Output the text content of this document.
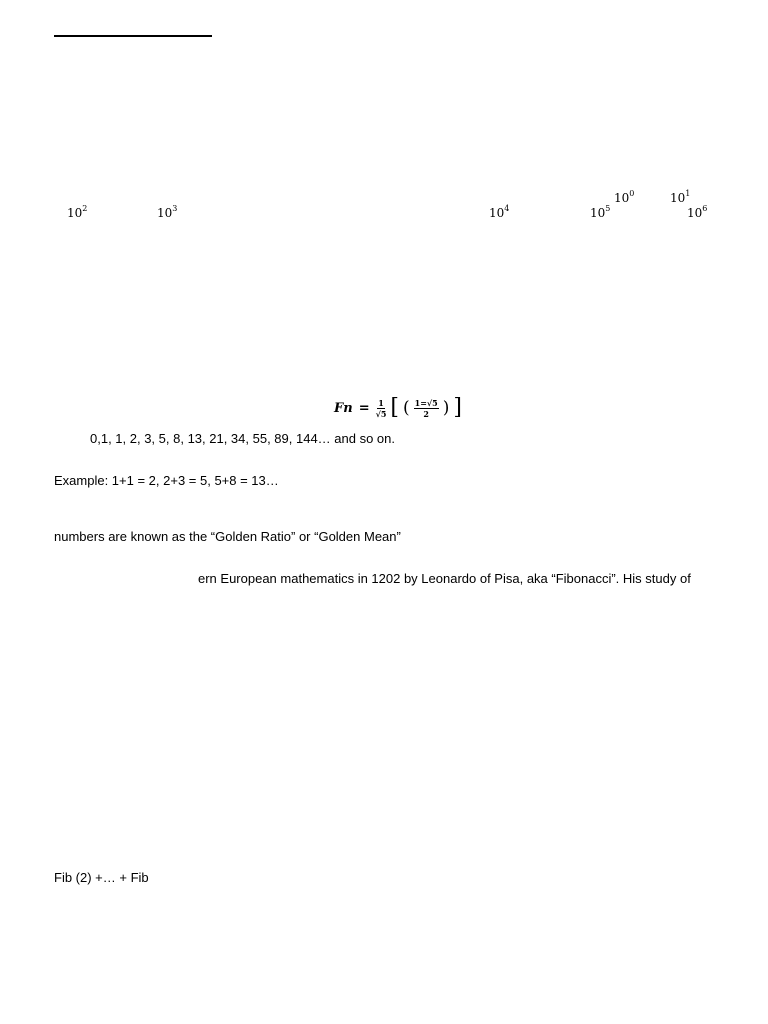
$10^0$	$10^1$
$10^2$	$10^3$	$10^4$	$10^5$	$10^6$
$Fn = \frac{1}{√5}$ [ ( $\frac{1=√5}{2}$ ) ]
0,1, 1, 2, 3, 5, 8, 13, 21, 34, 55, 89, 144… and so on.
Example: 1+1 = 2, 2+3 = 5, 5+8 = 13…
numbers are known as the “Golden Ratio” or “Golden Mean”
ern European mathematics in 1202 by Leonardo of Pisa, aka “Fibonacci”. His study of
Fib (2) +… + Fib
